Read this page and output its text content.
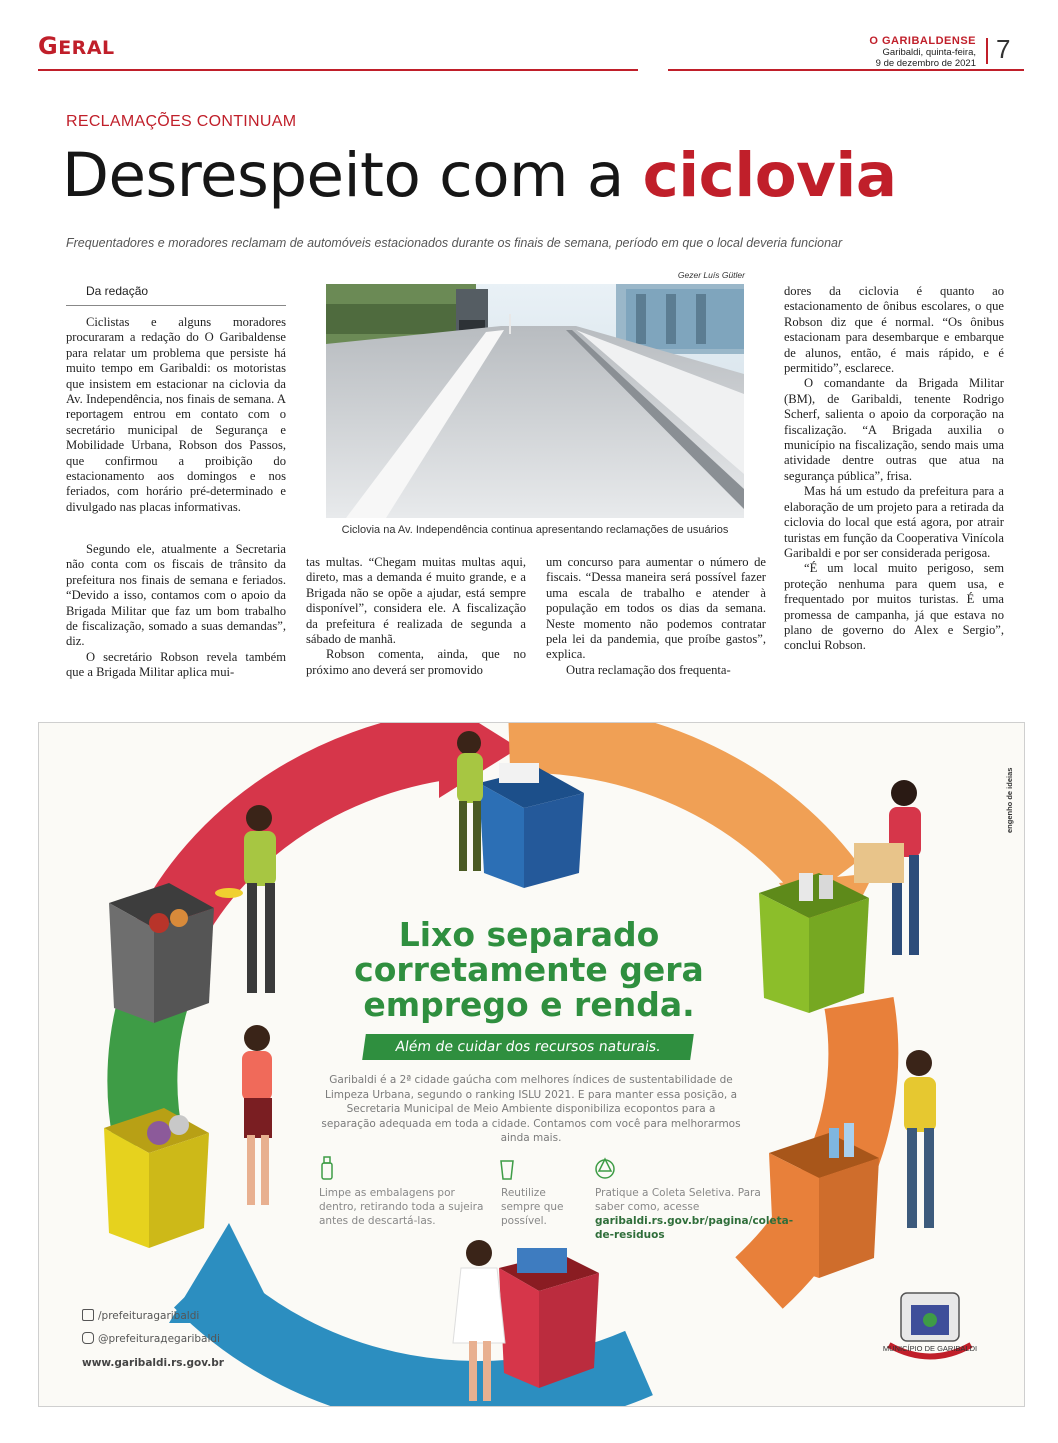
GERAL	O GARIBALDENSE
Garibaldi, quinta-feira,
9 de dezembro de 2021 7
RECLAMAÇÕES CONTINUAM
Desrespeito com a ciclovia
Frequentadores e moradores reclamam de automóveis estacionados durante os finais de semana, período em que o local deveria funcionar
Da redação

Ciclistas e alguns moradores procuraram a redação do O Garibaldense para relatar um problema que persiste há muito tempo em Garibaldi: os motoristas que insistem em estacionar na ciclovia da Av. Independência, nos finais de semana. A reportagem entrou em contato com o secretário municipal de Segurança e Mobilidade Urbana, Robson dos Passos, que confirmou a proibição do estacionamento aos domingos e nos feriados, com horário pré-determinado e divulgado nas placas informativas.

Segundo ele, atualmente a Secretaria não conta com os fiscais de trânsito da prefeitura nos finais de semana e feriados. “Devido a isso, contamos com o apoio da Brigada Militar que faz um bom trabalho de fiscalização, somado a suas demandas”, diz.

O secretário Robson revela também que a Brigada Militar aplica mui-

tas multas. “Chegam muitas multas aqui, direto, mas a demanda é muito grande, e a Brigada não se opõe a ajudar, está sempre disponível”, considera ele. A fiscalização da prefeitura é realizada de segunda a sábado de manhã.

Robson comenta, ainda, que no próximo ano deverá ser promovido

um concurso para aumentar o número de fiscais. “Dessa maneira será possível fazer uma escala de trabalho e atender à população em todos os dias da semana. Neste momento não podemos contratar pela lei da pandemia, que proíbe gastos”, explica.

Outra reclamação dos frequenta-

dores da ciclovia é quanto ao estacionamento de ônibus escolares, o que Robson diz que é normal. “Os ônibus estacionam para desembarque e embarque de alunos, então, é mais rápido, e é permitido”, esclarece.

O comandante da Brigada Militar (BM), de Garibaldi, tenente Rodrigo Scherf, salienta o apoio da corporação na fiscalização. “A Brigada auxilia o município na fiscalização, sendo mais uma atividade dentre outras que atua na segurança pública”, frisa.

Mas há um estudo da prefeitura para a elaboração de um projeto para a retirada da ciclovia do local que está agora, por atrair turistas em função da Cooperativa Vinícola Garibaldi e por ser considerada perigosa.

“É um local muito perigoso, sem proteção nenhuma para quem usa, e frequentado por muitos turistas. É uma promessa de campanha, já que estava no plano de governo do Alex e Sergio”, conclui Robson.

Gezer Luís Gütler
Ciclovia na Av. Independência continua apresentando reclamações de usuários
Lixo separado corretamente gera emprego e renda.
Além de cuidar dos recursos naturais.
Garibaldi é a 2ª cidade gaúcha com melhores índices de sustentabilidade de Limpeza Urbana, segundo o ranking ISLU 2021. E para manter essa posição, a Secretaria Municipal de Meio Ambiente disponibiliza ecopontos para a separação adequada em toda a cidade. Contamos com você para melhorarmos ainda mais.
Limpe as embalagens por dentro, retirando toda a sujeira antes de descartá-las.
Reutilize sempre que possível.
Pratique a Coleta Seletiva. Para saber como, acesse garibaldi.rs.gov.br/pagina/coleta-de-residuos
/prefeituragaribaldi
@prefeiturадegaribaldi
www.garibaldi.rs.gov.br
MUNICÍPIO DE GARIBALDI
engenho de ideias
